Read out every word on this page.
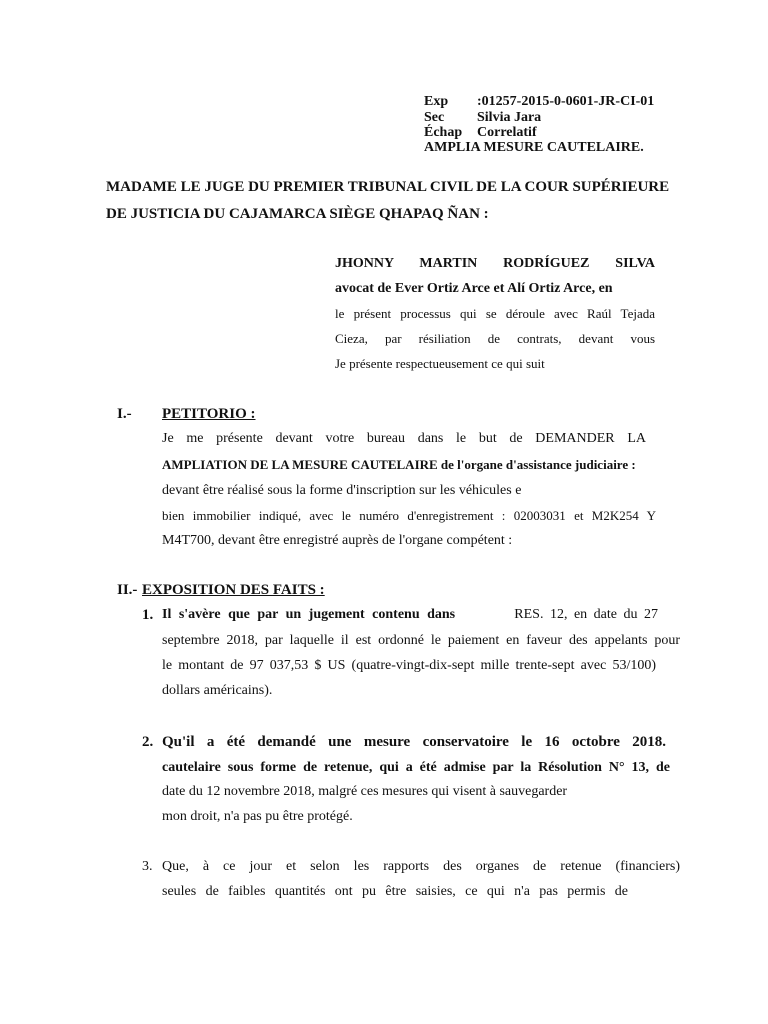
Exp :01257-2015-0-0601-JR-CI-01
Sec Silvia Jara
Échap Correlatif
AMPLIA MESURE CAUTELAIRE.
MADAME LE JUGE DU PREMIER TRIBUNAL CIVIL DE LA COUR SUPÉRIEURE
DE JUSTICIA DU CAJAMARCA SIÈGE QHAPAQ ÑAN :
JHONNY MARTIN RODRÍGUEZ SILVA
avocat de Ever Ortiz Arce et Alí Ortiz Arce, en
le présent processus qui se déroule avec Raúl Tejada
Cieza, par résiliation de contrats, devant vous
Je présente respectueusement ce qui suit
I.- PETITORIO :
Je me présente devant votre bureau dans le but de DEMANDER LA
AMPLIATION DE LA MESURE CAUTELAIRE de l'organe d'assistance judiciaire :
devant être réalisé sous la forme d'inscription sur les véhicules e
bien immobilier indiqué, avec le numéro d'enregistrement : 02003031 et M2K254 Y
M4T700, devant être enregistré auprès de l'organe compétent :
II.- EXPOSITION DES FAITS :
1. Il s'avère que par un jugement contenu dans	RES. 12, en date du 27
septembre 2018, par laquelle il est ordonné le paiement en faveur des appelants pour
le montant de 97 037,53 $ US (quatre-vingt-dix-sept mille trente-sept avec 53/100)
dollars américains).
2. Qu'il a été demandé une mesure conservatoire le 16 octobre 2018.
cautelaire sous forme de retenue, qui a été admise par la Résolution N° 13, de
date du 12 novembre 2018, malgré ces mesures qui visent à sauvegarder
mon droit, n'a pas pu être protégé.
3. Que, à ce jour et selon les rapports des organes de retenue (financiers)
seules de faibles quantités ont pu être saisies, ce qui n'a pas permis de
